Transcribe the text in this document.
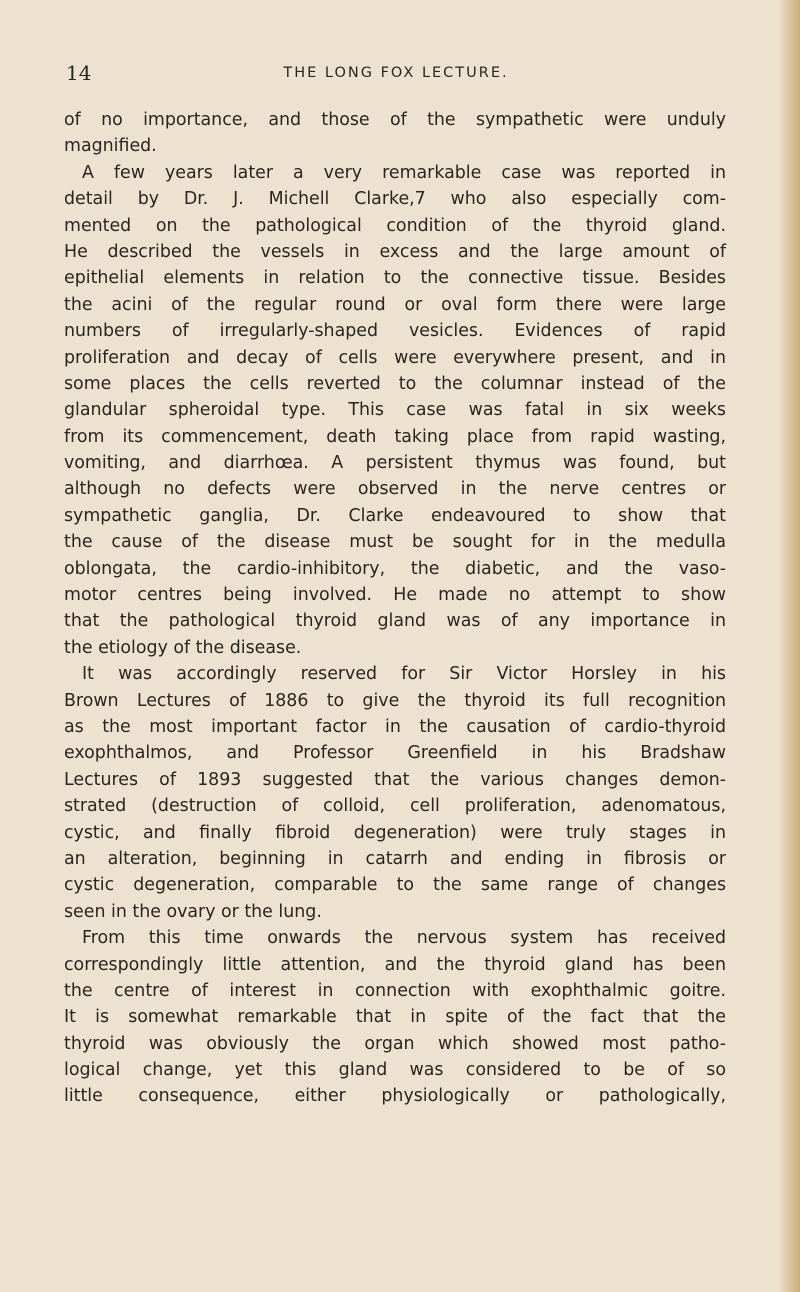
14	THE LONG FOX LECTURE.
of no importance, and those of the sympathetic were unduly
magnified.
A few years later a very remarkable case was reported in
detail by Dr. J. Michell Clarke,7 who also especially com-
mented on the pathological condition of the thyroid gland.
He described the vessels in excess and the large amount of
epithelial elements in relation to the connective tissue. Besides
the acini of the regular round or oval form there were large
numbers of irregularly-shaped vesicles. Evidences of rapid
proliferation and decay of cells were everywhere present, and in
some places the cells reverted to the columnar instead of the
glandular spheroidal type. This case was fatal in six weeks
from its commencement, death taking place from rapid wasting,
vomiting, and diarrhœa. A persistent thymus was found, but
although no defects were observed in the nerve centres or
sympathetic ganglia, Dr. Clarke endeavoured to show that
the cause of the disease must be sought for in the medulla
oblongata, the cardio-inhibitory, the diabetic, and the vaso-
motor centres being involved. He made no attempt to show
that the pathological thyroid gland was of any importance in
the etiology of the disease.
It was accordingly reserved for Sir Victor Horsley in his
Brown Lectures of 1886 to give the thyroid its full recognition
as the most important factor in the causation of cardio-thyroid
exophthalmos, and Professor Greenfield in his Bradshaw
Lectures of 1893 suggested that the various changes demon-
strated (destruction of colloid, cell proliferation, adenomatous,
cystic, and finally fibroid degeneration) were truly stages in
an alteration, beginning in catarrh and ending in fibrosis or
cystic degeneration, comparable to the same range of changes
seen in the ovary or the lung.
From this time onwards the nervous system has received
correspondingly little attention, and the thyroid gland has been
the centre of interest in connection with exophthalmic goitre.
It is somewhat remarkable that in spite of the fact that the
thyroid was obviously the organ which showed most patho-
logical change, yet this gland was considered to be of so
little consequence, either physiologically or pathologically,
